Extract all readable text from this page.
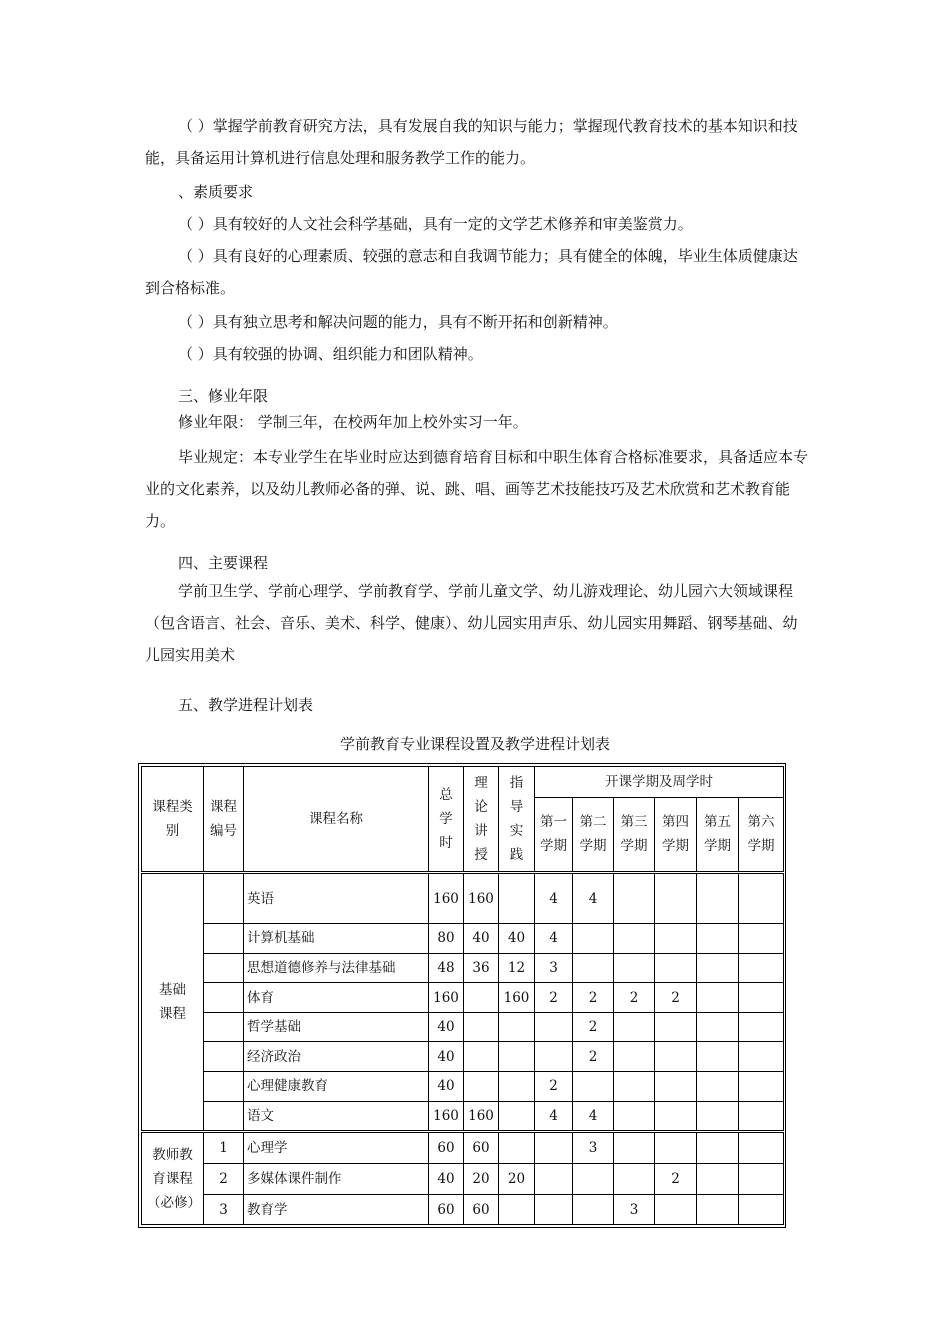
（ ）掌握学前教育研究方法，具有发展自我的知识与能力；掌握现代教育技术的基本知识和技能，具备运用计算机进行信息处理和服务教学工作的能力。

、素质要求

（ ）具有较好的人文社会科学基础，具有一定的文学艺术修养和审美鉴赏力。

（ ）具有良好的心理素质、较强的意志和自我调节能力；具有健全的体魄，毕业生体质健康达到合格标准。

（ ）具有独立思考和解决问题的能力，具有不断开拓和创新精神。

（ ）具有较强的协调、组织能力和团队精神。

三、修业年限

修业年限： 学制三年，在校两年加上校外实习一年。

毕业规定：本专业学生在毕业时应达到德育培育目标和中职生体育合格标准要求，具备适应本专业的文化素养，以及幼儿教师必备的弹、说、跳、唱、画等艺术技能技巧及艺术欣赏和艺术教育能力。

四、主要课程

学前卫生学、学前心理学、学前教育学、学前儿童文学、幼儿游戏理论、幼儿园六大领域课程（包含语言、社会、音乐、美术、科学、健康）、幼儿园实用声乐、幼儿园实用舞蹈、钢琴基础、幼儿园实用美术

五、教学进程计划表

学前教育专业课程设置及教学进程计划表
课程类别	课程编号	课程名称	总学时	理论讲授	指导实践	开课学期及周学时					
						第一学期	第二学期	第三学期	第四学期	第五学期	第六学期
基础课程		英语	160	160		4	4				
		计算机基础	80	40	40	4					
		思想道德修养与法律基础	48	36	12	3					
		体育	160		160	2	2	2	2		
		哲学基础	40				2				
		经济政治	40				2				
		心理健康教育	40			2					
		语文	160	160		4	4				
教师教育课程（必修）	1	心理学	60	60			3				
	2	多媒体课件制作	40	20	20				2		
	3	教育学	60	60				3			
